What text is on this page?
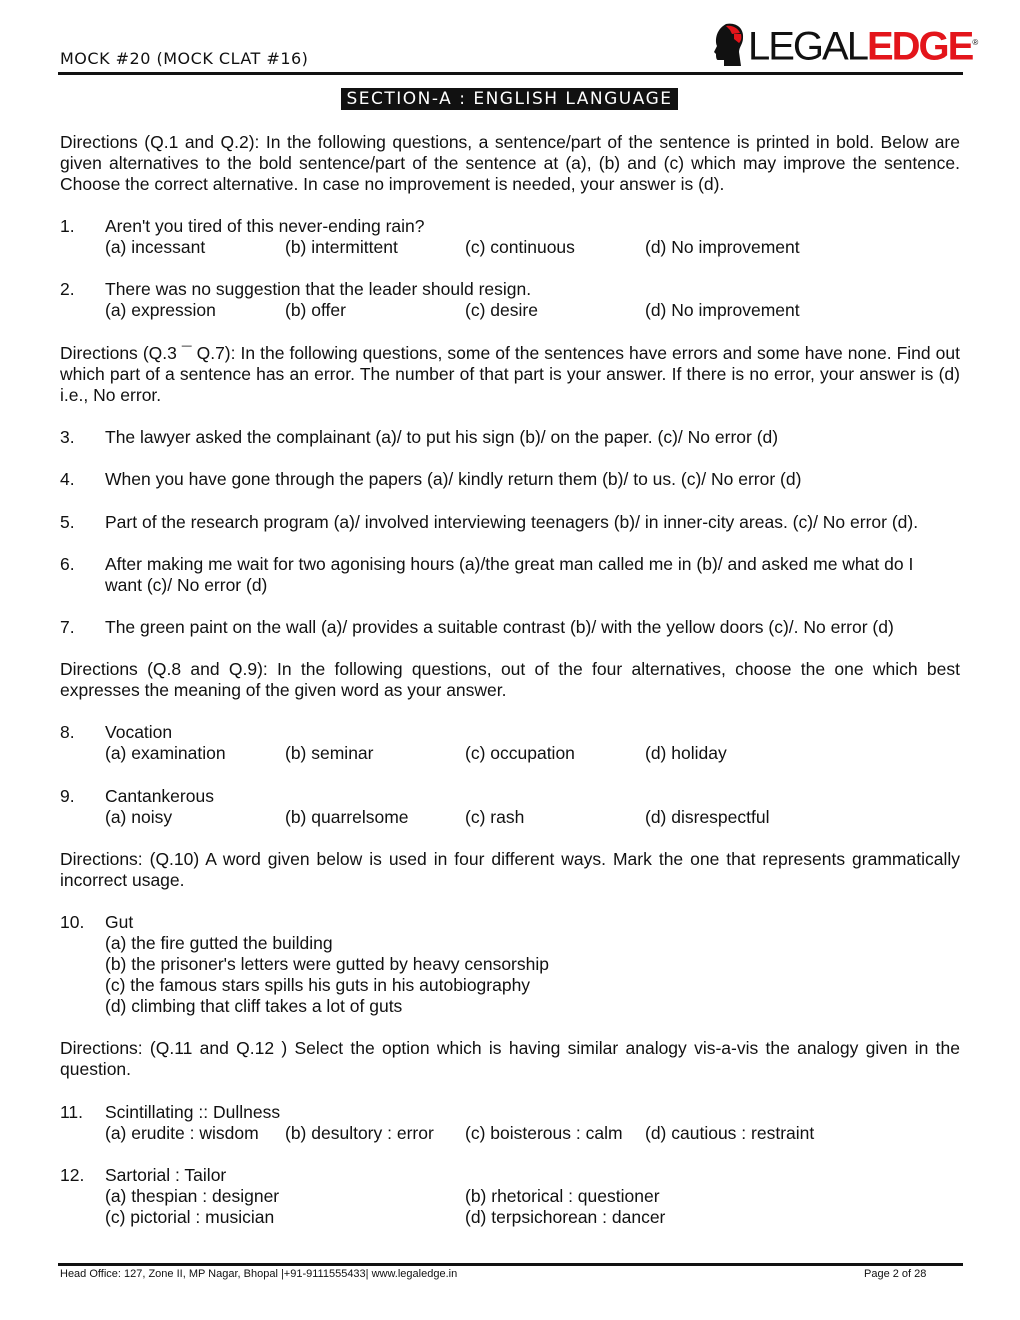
MOCK #20 (MOCK CLAT #16)	LEGALEDGE®
SECTION-A : ENGLISH LANGUAGE
Directions (Q.1 and Q.2): In the following questions, a sentence/part of the sentence is printed in bold. Below are given alternatives to the bold sentence/part of the sentence at (a), (b) and (c) which may improve the sentence. Choose the correct alternative. In case no improvement is needed, your answer is (d).
Directions (Q.3 ¯ Q.7): In the following questions, some of the sentences have errors and some have none. Find out which part of a sentence has an error. The number of that part is your answer. If there is no error, your answer is (d) i.e., No error.
Directions (Q.8 and Q.9): In the following questions, out of the four alternatives, choose the one which best expresses the meaning of the given word as your answer.
Directions: (Q.10) A word given below is used in four different ways. Mark the one that represents grammatically incorrect usage.
Directions: (Q.11 and Q.12 ) Select the option which is having similar analogy vis-a-vis the analogy given in the question.
1. Aren't you tired of this never-ending rain?
(a) incessant	(b) intermittent	(c) continuous	(d) No improvement
2. There was no suggestion that the leader should resign.
(a) expression	(b) offer	(c) desire	(d) No improvement
3. The lawyer asked the complainant (a)/ to put his sign (b)/ on the paper. (c)/ No error (d)
4. When you have gone through the papers (a)/ kindly return them (b)/ to us. (c)/ No error (d)
5. Part of the research program (a)/ involved interviewing teenagers (b)/ in inner-city areas. (c)/ No error (d).
6. After making me wait for two agonising hours (a)/the great man called me in (b)/ and asked me what do I
want (c)/ No error (d)
7. The green paint on the wall (a)/ provides a suitable contrast (b)/ with the yellow doors (c)/. No error (d)
8. Vocation
(a) examination	(b) seminar	(c) occupation	(d) holiday
9. Cantankerous
(a) noisy	(b) quarrelsome	(c) rash	(d) disrespectful
10. Gut
(a) the fire gutted the building
(b) the prisoner's letters were gutted by heavy censorship
(c) the famous stars spills his guts in his autobiography
(d) climbing that cliff takes a lot of guts
11. Scintillating :: Dullness
(a) erudite : wisdom (b) desultory : error (c) boisterous : calm (d) cautious : restraint
12. Sartorial : Tailor
(a) thespian : designer	(b) rhetorical : questioner
(c) pictorial : musician	(d) terpsichorean : dancer
Head Office: 127, Zone II, MP Nagar, Bhopal |+91-9111555433| www.legaledge.in	Page 2 of 28
